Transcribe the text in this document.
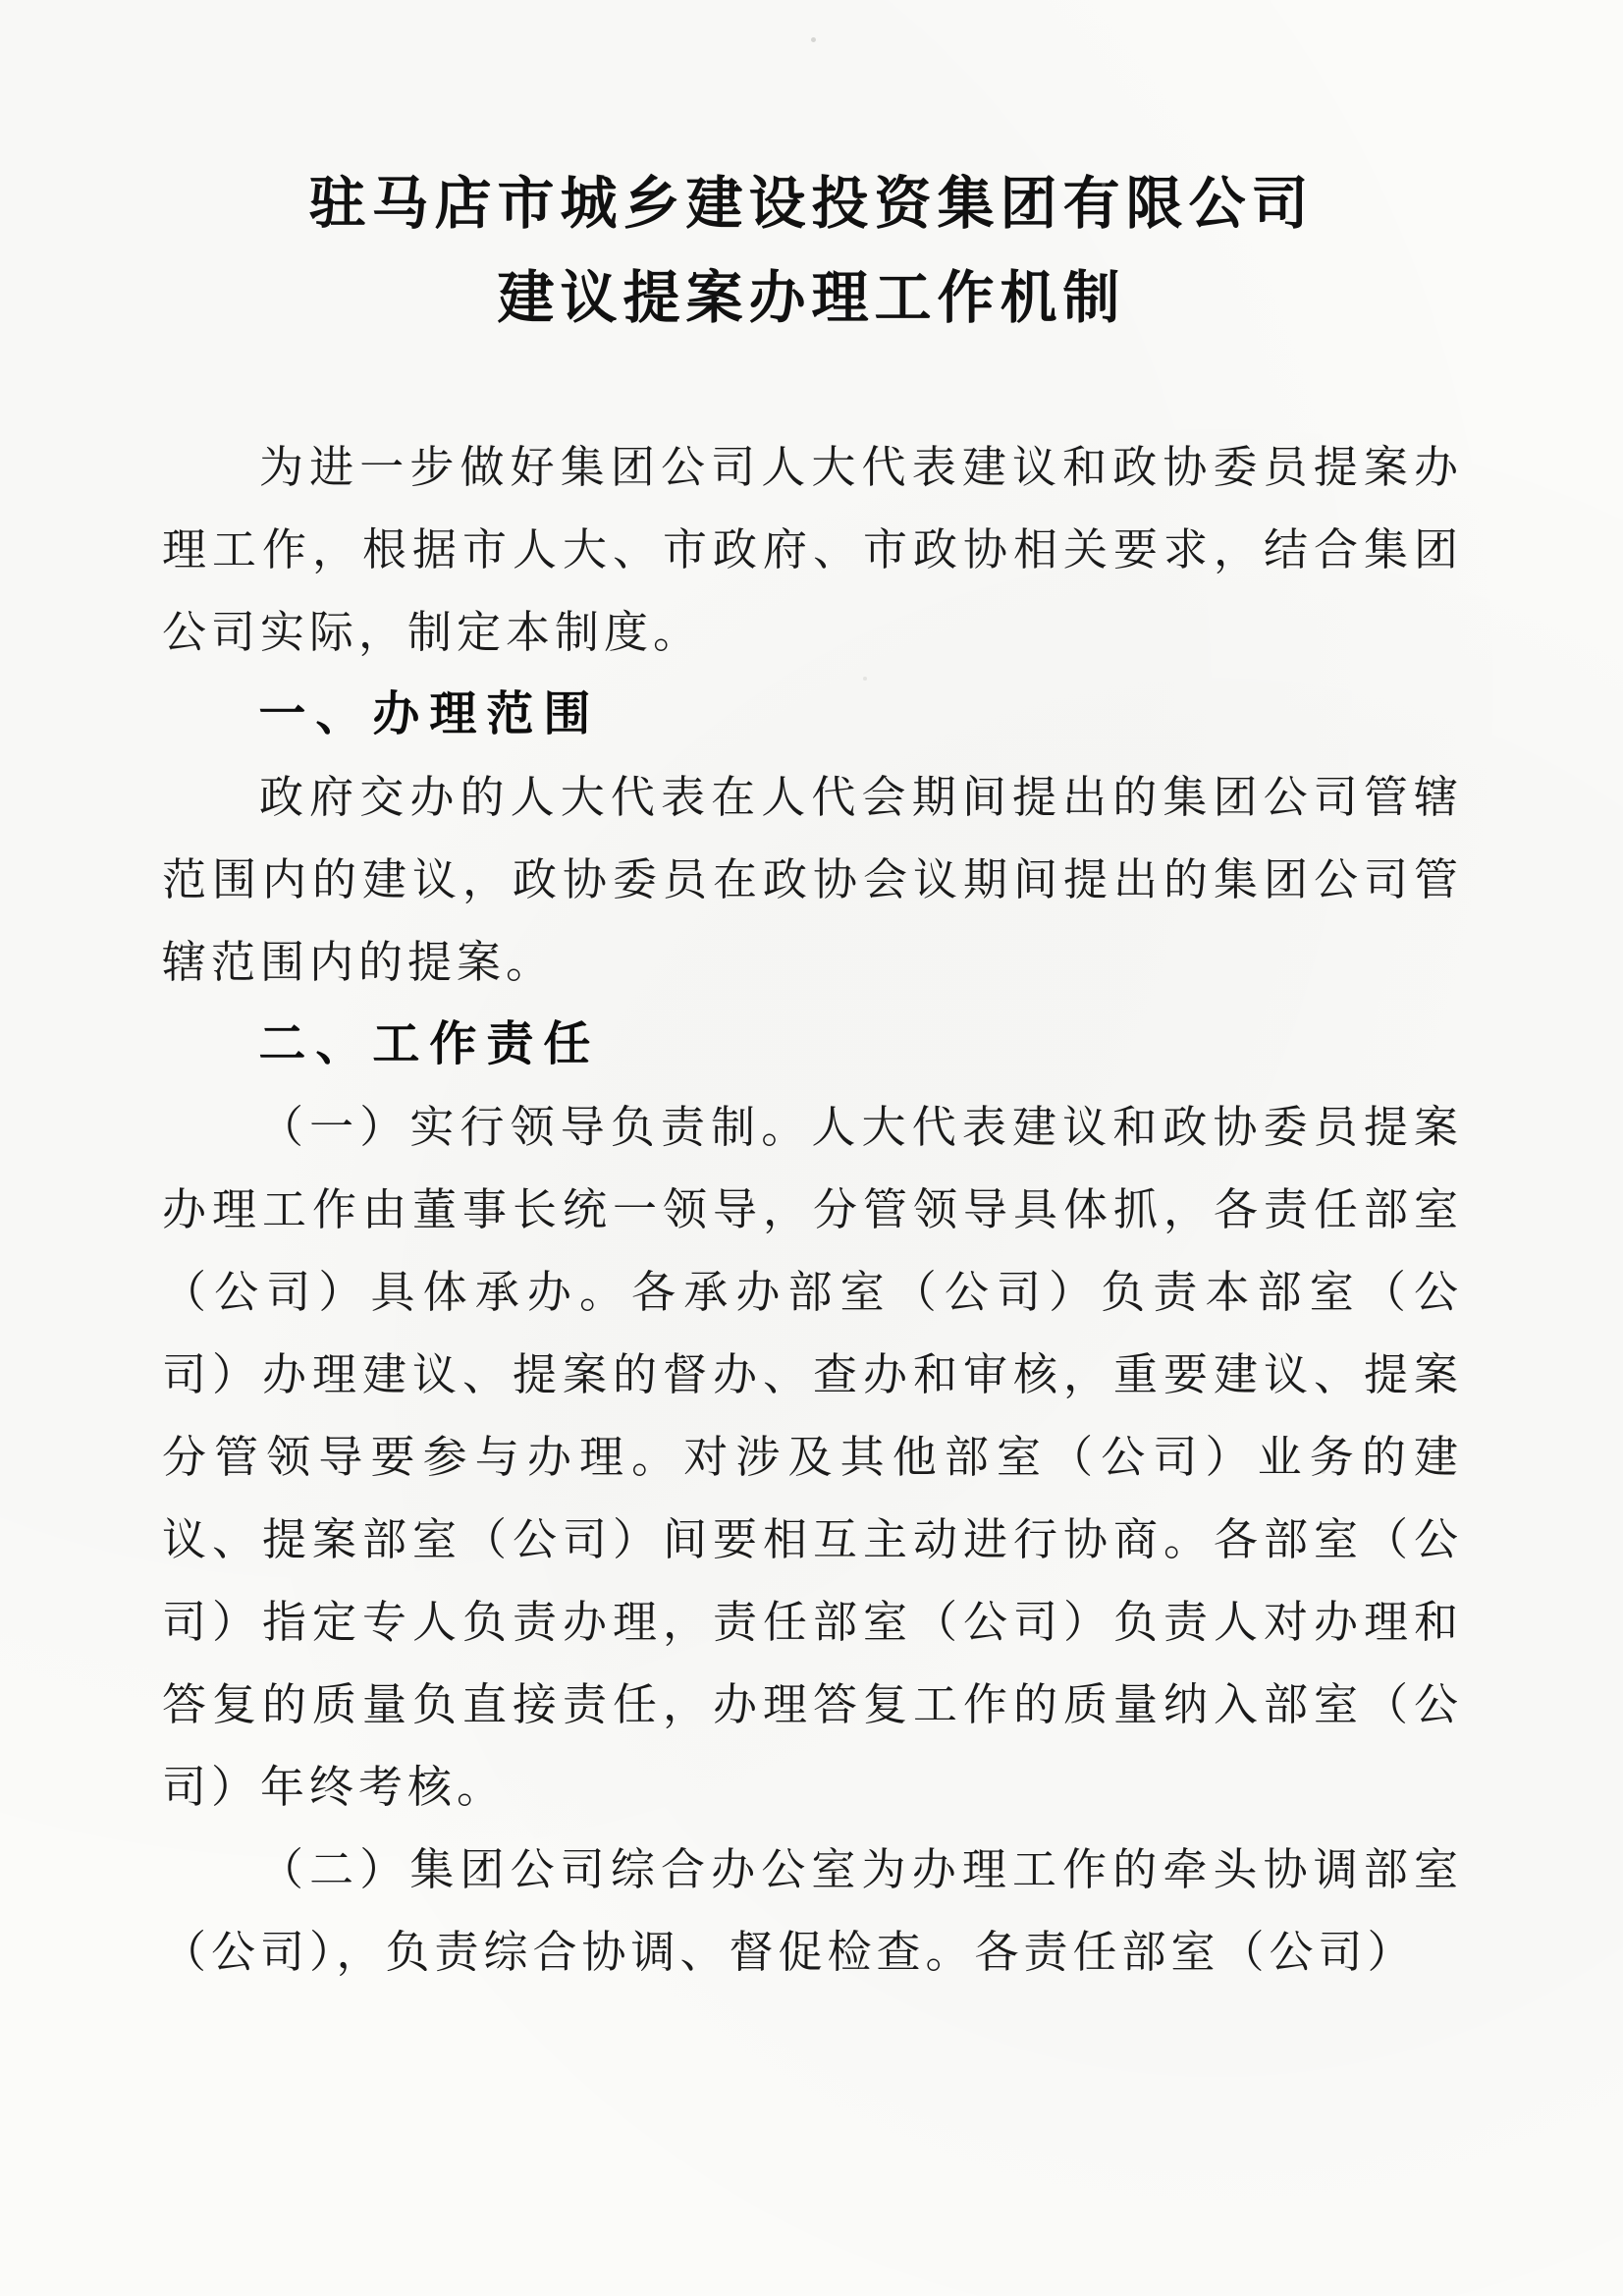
驻马店市城乡建设投资集团有限公司
建议提案办理工作机制

为进一步做好集团公司人大代表建议和政协委员提案办理工作，根据市人大、市政府、市政协相关要求，结合集团公司实际，制定本制度。

一、办理范围

政府交办的人大代表在人代会期间提出的集团公司管辖范围内的建议，政协委员在政协会议期间提出的集团公司管辖范围内的提案。

二、工作责任

（一）实行领导负责制。人大代表建议和政协委员提案办理工作由董事长统一领导，分管领导具体抓，各责任部室（公司）具体承办。各承办部室（公司）负责本部室（公司）办理建议、提案的督办、查办和审核，重要建议、提案分管领导要参与办理。对涉及其他部室（公司）业务的建议、提案部室（公司）间要相互主动进行协商。各部室（公司）指定专人负责办理，责任部室（公司）负责人对办理和答复的质量负直接责任，办理答复工作的质量纳入部室（公司）年终考核。

（二）集团公司综合办公室为办理工作的牵头协调部室（公司），负责综合协调、督促检查。各责任部室（公司）
